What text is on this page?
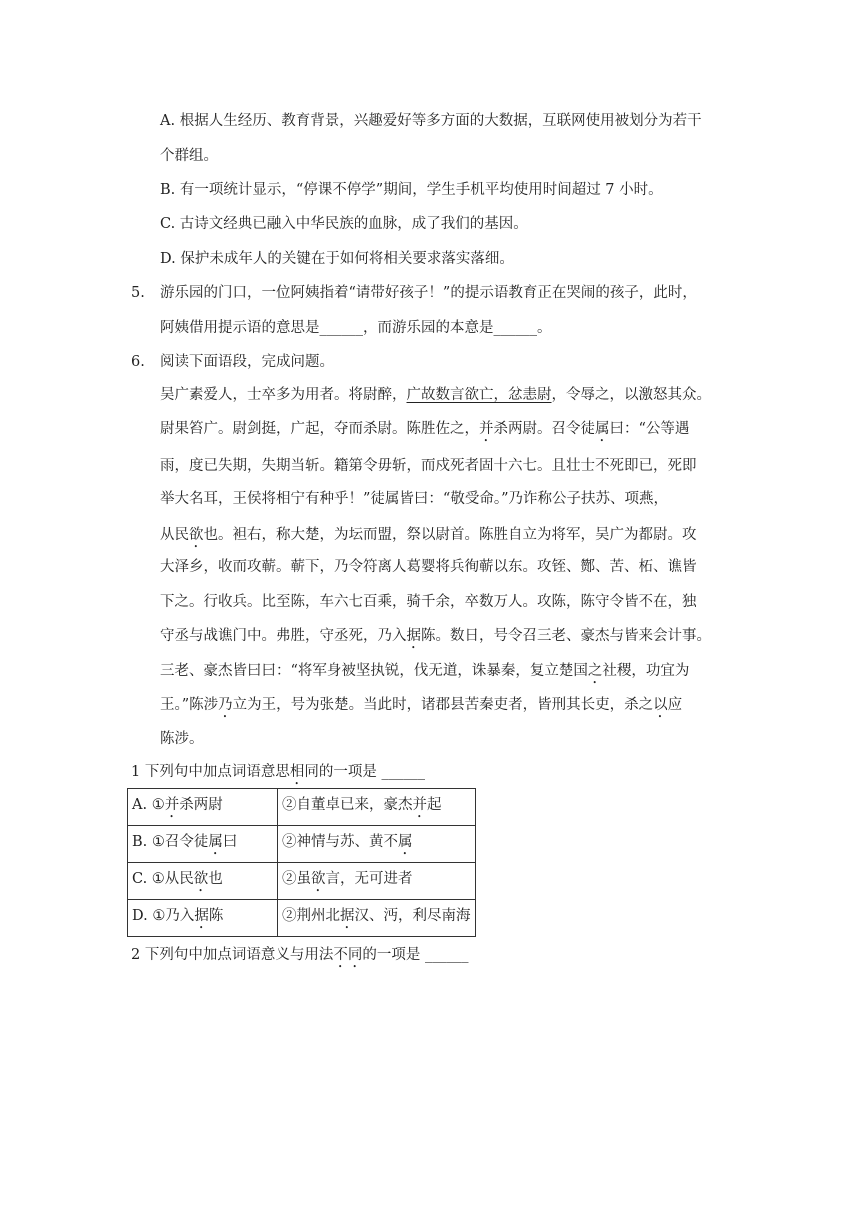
A. 根据人生经历、教育背景，兴趣爱好等多方面的大数据，互联网使用被划分为若干
个群组。
B. 有一项统计显示，“停课不停学”期间，学生手机平均使用时间超过 7 小时。
C. 古诗文经典已融入中华民族的血脉，成了我们的基因。
D. 保护未成年人的关键在于如何将相关要求落实落细。
5. 游乐园的门口，一位阿姨指着“请带好孩子！”的提示语教育正在哭闹的孩子，此时，
阿姨借用提示语的意思是______，而游乐园的本意是______。
6. 阅读下面语段，完成问题。
吴广素爱人，士卒多为用者。将尉醉，广故数言欲亡，忿恚尉，令辱之，以激怒其众。
尉果笞广。尉剑挺，广起，夺而杀尉。陈胜佐之，并杀两尉。召令徒属曰：“公等遇
雨，度已失期，失期当斩。籍第令毋斩，而戍死者固十六七。且壮士不死即已，死即
举大名耳，王侯将相宁有种乎！”徒属皆曰：“敬受命。”乃诈称公子扶苏、项燕，
从民欲也。袒右，称大楚，为坛而盟，祭以尉首。陈胜自立为将军，吴广为都尉。攻
大泽乡，收而攻蕲。蕲下，乃令符离人葛婴将兵徇蕲以东。攻铚、酂、苦、柘、谯皆
下之。行收兵。比至陈，车六七百乘，骑千余，卒数万人。攻陈，陈守令皆不在，独
守丞与战谯门中。弗胜，守丞死，乃入据陈。数日，号令召三老、豪杰与皆来会计事。
三老、豪杰皆曰曰：“将军身被坚执锐，伐无道，诛暴秦，复立楚国之社稷，功宜为
王。”陈涉乃立为王，号为张楚。当此时，诸郡县苦秦吏者，皆刑其长吏，杀之以应
陈涉。
1 下列句中加点词语意思相同的一项是 ______
A. ①并杀两尉	②自董卓已来，豪杰并起
B. ①召令徒属曰	②神情与苏、黄不属
C. ①从民欲也	②虽欲言，无可进者
D. ①乃入据陈	②荆州北据汉、沔，利尽南海
2 下列句中加点词语意义与用法不同的一项是 ______
